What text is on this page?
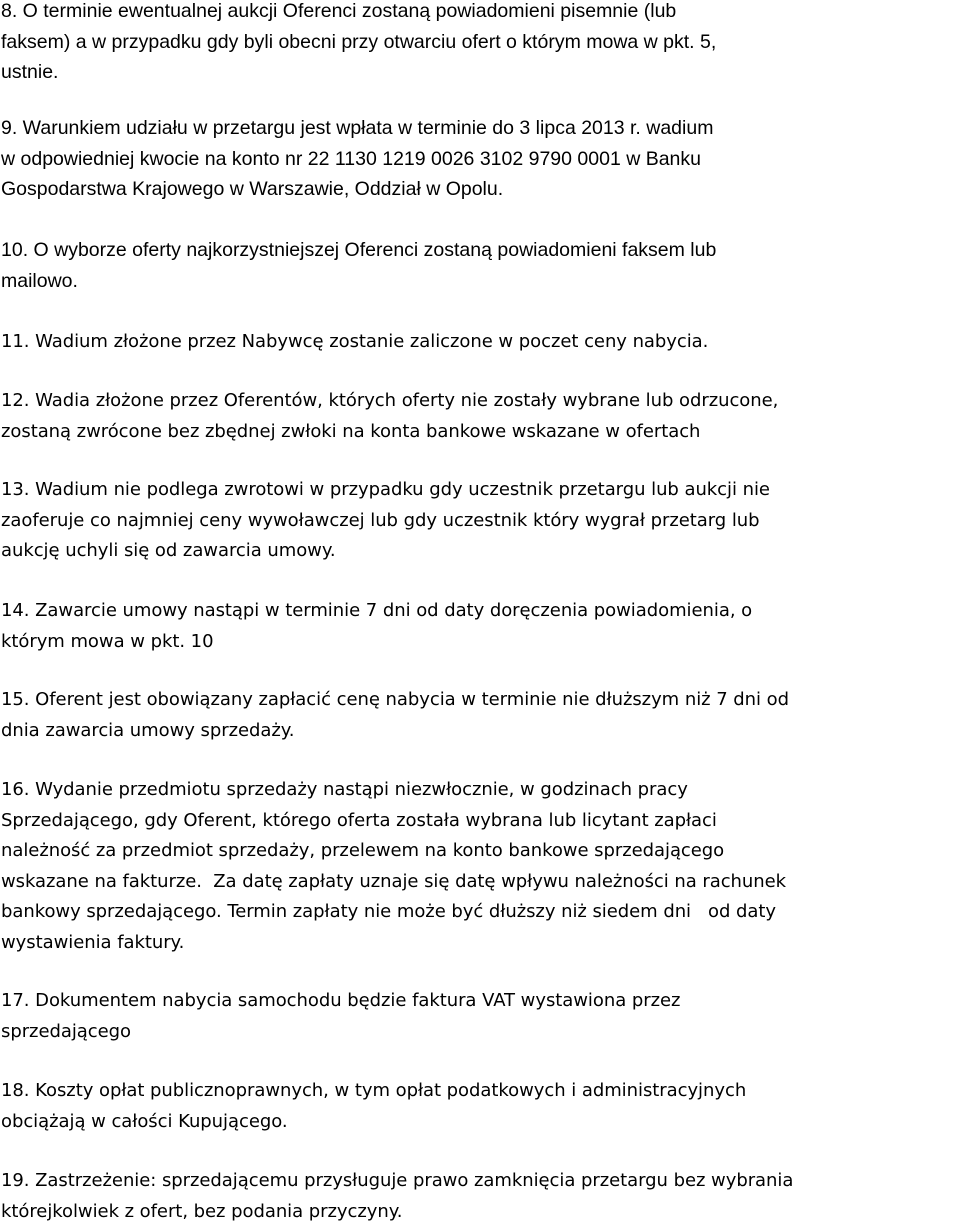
8. O terminie ewentualnej aukcji Oferenci zostaną powiadomieni pisemnie (lub
faksem) a w przypadku gdy byli obecni przy otwarciu ofert o którym mowa w pkt. 5,
ustnie.
9. Warunkiem udziału w przetargu jest wpłata w terminie do 3 lipca 2013 r. wadium
w odpowiedniej kwocie na konto nr 22 1130 1219 0026 3102 9790 0001 w Banku
Gospodarstwa Krajowego w Warszawie, Oddział w Opolu.
10. O wyborze oferty najkorzystniejszej Oferenci zostaną powiadomieni faksem lub
mailowo.
11. Wadium złożone przez Nabywcę zostanie zaliczone w poczet ceny nabycia.
12. Wadia złożone przez Oferentów, których oferty nie zostały wybrane lub odrzucone,
zostaną zwrócone bez zbędnej zwłoki na konta bankowe wskazane w ofertach
13. Wadium nie podlega zwrotowi w przypadku gdy uczestnik przetargu lub aukcji nie
zaoferuje co najmniej ceny wywoławczej lub gdy uczestnik który wygrał przetarg lub
aukcję uchyli się od zawarcia umowy.
14. Zawarcie umowy nastąpi w terminie 7 dni od daty doręczenia powiadomienia, o
którym mowa w pkt. 10
15. Oferent jest obowiązany zapłacić cenę nabycia w terminie nie dłuższym niż 7 dni od
dnia zawarcia umowy sprzedaży.
16. Wydanie przedmiotu sprzedaży nastąpi niezwłocznie, w godzinach pracy
Sprzedającego, gdy Oferent, którego oferta została wybrana lub licytant zapłaci
należność za przedmiot sprzedaży, przelewem na konto bankowe sprzedającego
wskazane na fakturze.  Za datę zapłaty uznaje się datę wpływu należności na rachunek
bankowy sprzedającego. Termin zapłaty nie może być dłuższy niż siedem dni   od daty
wystawienia faktury.
17. Dokumentem nabycia samochodu będzie faktura VAT wystawiona przez
sprzedającego
18. Koszty opłat publicznoprawnych, w tym opłat podatkowych i administracyjnych
obciążają w całości Kupującego.
19. Zastrzeżenie: sprzedającemu przysługuje prawo zamknięcia przetargu bez wybrania
którejkolwiek z ofert, bez podania przyczyny.
